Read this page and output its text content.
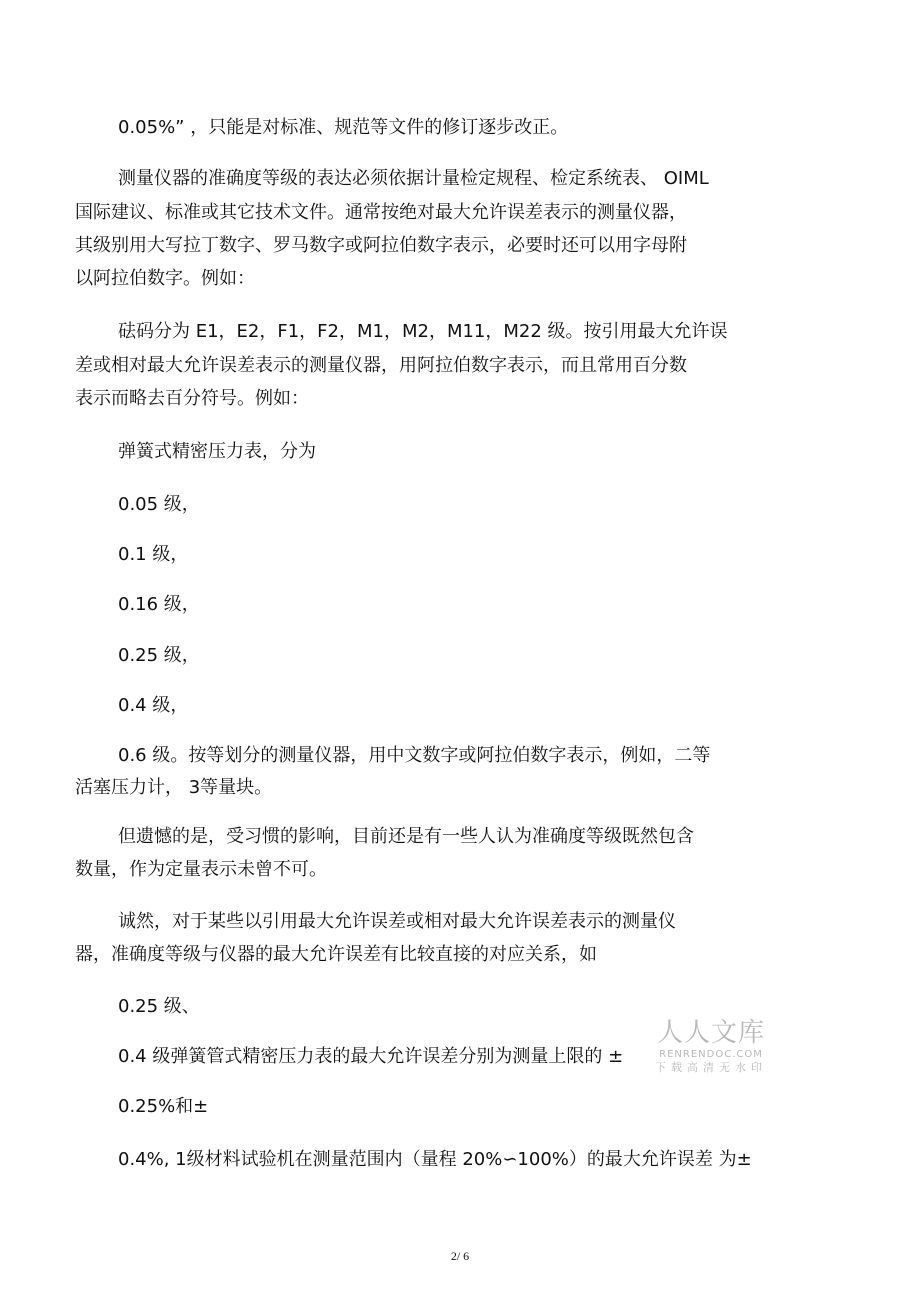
0.05%” ，只能是对标准、规范等文件的修订逐步改正。
测量仪器的准确度等级的表达必须依据计量检定规程、检定系统表、 OIML
国际建议、标准或其它技术文件。通常按绝对最大允许误差表示的测量仪器，
其级别用大写拉丁数字、罗马数字或阿拉伯数字表示，必要时还可以用字母附
以阿拉伯数字。例如：
砝码分为 E1，E2，F1，F2，M1，M2，M11，M22 级。按引用最大允许误
差或相对最大允许误差表示的测量仪器，用阿拉伯数字表示，而且常用百分数
表示而略去百分符号。例如：
弹簧式精密压力表，分为
0.05 级，
0.1 级，
0.16 级，
0.25 级，
0.4 级，
0.6 级。按等划分的测量仪器，用中文数字或阿拉伯数字表示，例如，二等
活塞压力计， 3等量块。
但遗憾的是，受习惯的影响，目前还是有一些人认为准确度等级既然包含
数量，作为定量表示未曾不可。
诚然，对于某些以引用最大允许误差或相对最大允许误差表示的测量仪
器，准确度等级与仪器的最大允许误差有比较直接的对应关系，如
0.25 级、
0.4 级弹簧管式精密压力表的最大允许误差分别为测量上限的 ±
0.25%和±
0.4%, 1级材料试验机在测量范围内（量程 20%∽100%）的最大允许误差 为±
人人文库
RENRENDOC.COM
下载高清无水印
2/ 6
